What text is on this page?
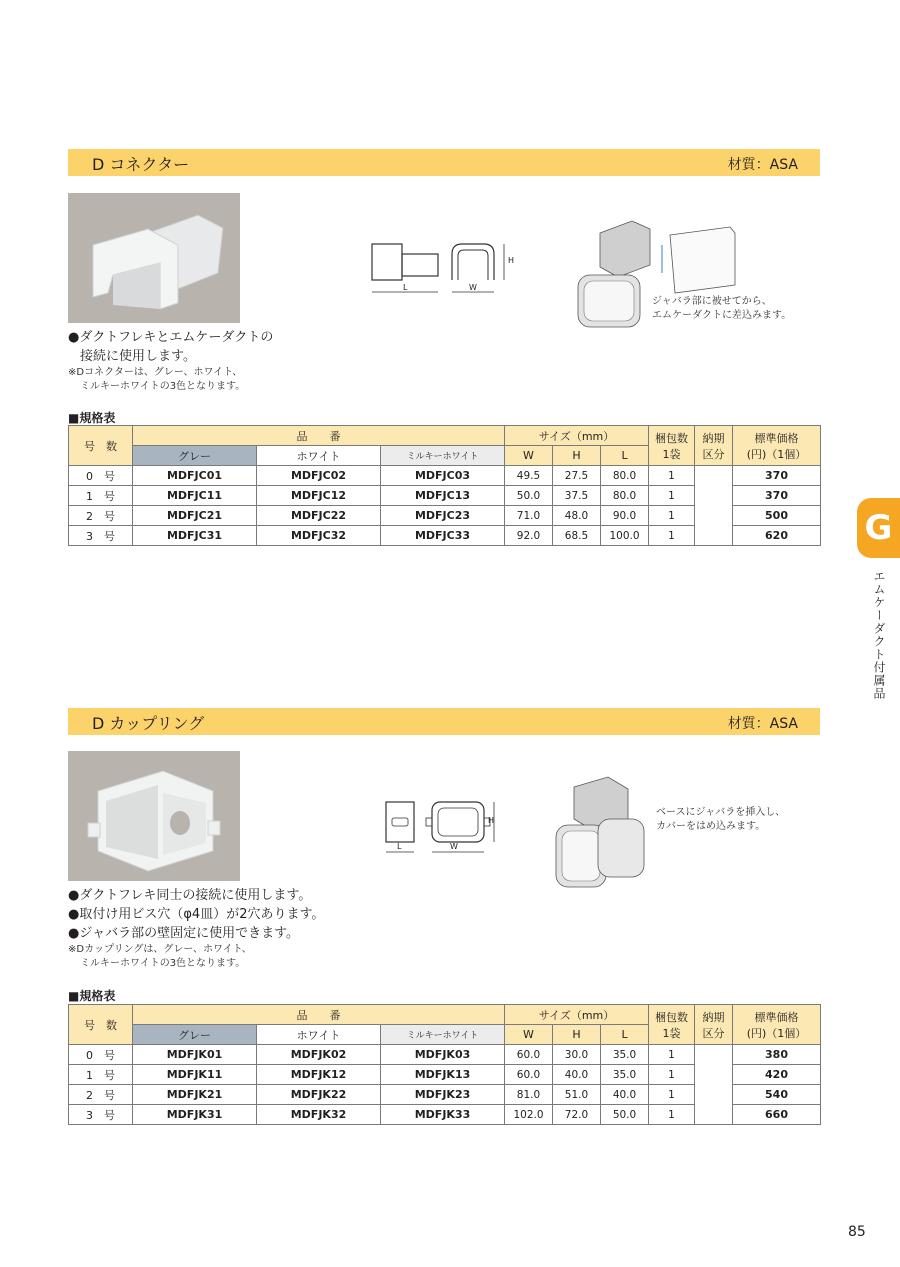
D コネクター	材質：ASA
L	W
H
ジャバラ部に被せてから、
エムケーダクトに差込みます。
●ダクトフレキとエムケーダクトの
接続に使用します。
※Dコネクターは、グレー、ホワイト、
ミルキーホワイトの3色となります。
■規格表
号　数	品　　番			サイズ（mm）			梱包数
1袋	納期
区分	標準価格
(円)（1個）
	グレー	ホワイト	ミルキーホワイト	W	H	L			
0　 号	MDFJC01	MDFJC02	MDFJC03	49.5	27.5	80.0	1		370
1　 号	MDFJC11	MDFJC12	MDFJC13	50.0	37.5	80.0	1		370
2　 号	MDFJC21	MDFJC22	MDFJC23	71.0	48.0	90.0	1		500
3　 号	MDFJC31	MDFJC32	MDFJC33	92.0	68.5	100.0	1		620 G
エムケーダクト付属品
D カップリング	材質：ASA
L	W
H
ベースにジャバラを挿入し、
カバーをはめ込みます。
●ダクトフレキ同士の接続に使用します。
●取付け用ビス穴（φ4皿）が2穴あります。
●ジャバラ部の壁固定に使用できます。
※Dカップリングは、グレー、ホワイト、
ミルキーホワイトの3色となります。
■規格表
号　数	品　　番			サイズ（mm）			梱包数
1袋	納期
区分	標準価格
(円)（1個）
	グレー	ホワイト	ミルキーホワイト	W	H	L			
0　 号	MDFJK01	MDFJK02	MDFJK03	60.0	30.0	35.0	1		380
1　 号	MDFJK11	MDFJK12	MDFJK13	60.0	40.0	35.0	1		420
2　 号	MDFJK21	MDFJK22	MDFJK23	81.0	51.0	40.0	1		540
3　 号	MDFJK31	MDFJK32	MDFJK33	102.0	72.0	50.0	1		660
85
